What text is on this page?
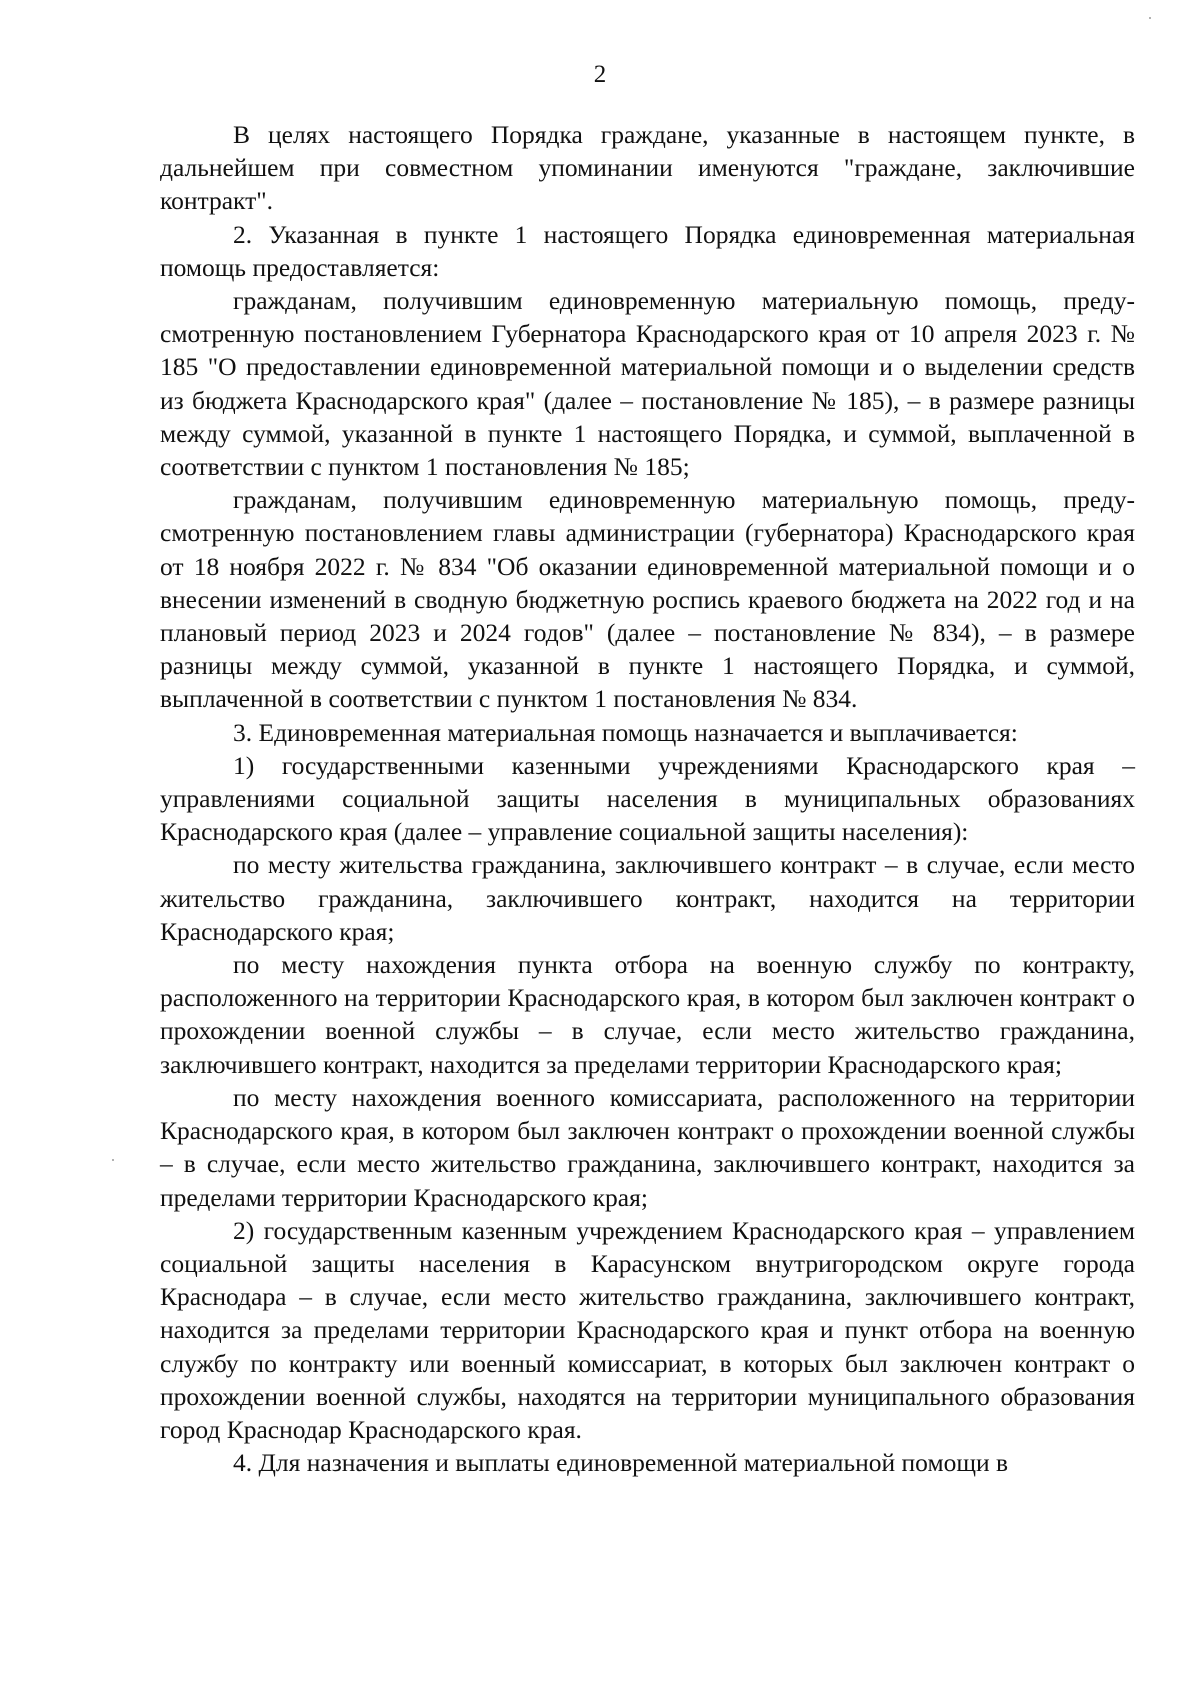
2

В целях настоящего Порядка граждане, указанные в настоящем пункте, в дальнейшем при совместном упоминании именуются "граждане, заключившие контракт".

2. Указанная в пункте 1 настоящего Порядка единовременная материальная помощь предоставляется:

гражданам, получившим единовременную материальную помощь, предусмотренную постановлением Губернатора Краснодарского края от 10 апреля 2023 г. № 185 "О предоставлении единовременной материальной помощи и о выделении средств из бюджета Краснодарского края" (далее – постановление № 185), – в размере разницы между суммой, указанной в пункте 1 настоящего Порядка, и суммой, выплаченной в соответствии с пунктом 1 постановления № 185;

гражданам, получившим единовременную материальную помощь, предусмотренную постановлением главы администрации (губернатора) Краснодарского края от 18 ноября 2022 г. № 834 "Об оказании единовременной материальной помощи и о внесении изменений в сводную бюджетную роспись краевого бюджета на 2022 год и на плановый период 2023 и 2024 годов" (далее – постановление № 834), – в размере разницы между суммой, указанной в пункте 1 настоящего Порядка, и суммой, выплаченной в соответствии с пунктом 1 постановления № 834.

3. Единовременная материальная помощь назначается и выплачивается:

1) государственными казенными учреждениями Краснодарского края – управлениями социальной защиты населения в муниципальных образованиях Краснодарского края (далее – управление социальной защиты населения):

по месту жительства гражданина, заключившего контракт – в случае, если место жительство гражданина, заключившего контракт, находится на территории Краснодарского края;

по месту нахождения пункта отбора на военную службу по контракту, расположенного на территории Краснодарского края, в котором был заключен контракт о прохождении военной службы – в случае, если место жительство гражданина, заключившего контракт, находится за пределами территории Краснодарского края;

по месту нахождения военного комиссариата, расположенного на территории Краснодарского края, в котором был заключен контракт о прохождении военной службы – в случае, если место жительство гражданина, заключившего контракт, находится за пределами территории Краснодарского края;

2) государственным казенным учреждением Краснодарского края – управлением социальной защиты населения в Карасунском внутригородском округе города Краснодара – в случае, если место жительство гражданина, заключившего контракт, находится за пределами территории Краснодарского края и пункт отбора на военную службу по контракту или военный комиссариат, в которых был заключен контракт о прохождении военной службы, находятся на территории муниципального образования город Краснодар Краснодарского края.

4. Для назначения и выплаты единовременной материальной помощи в
